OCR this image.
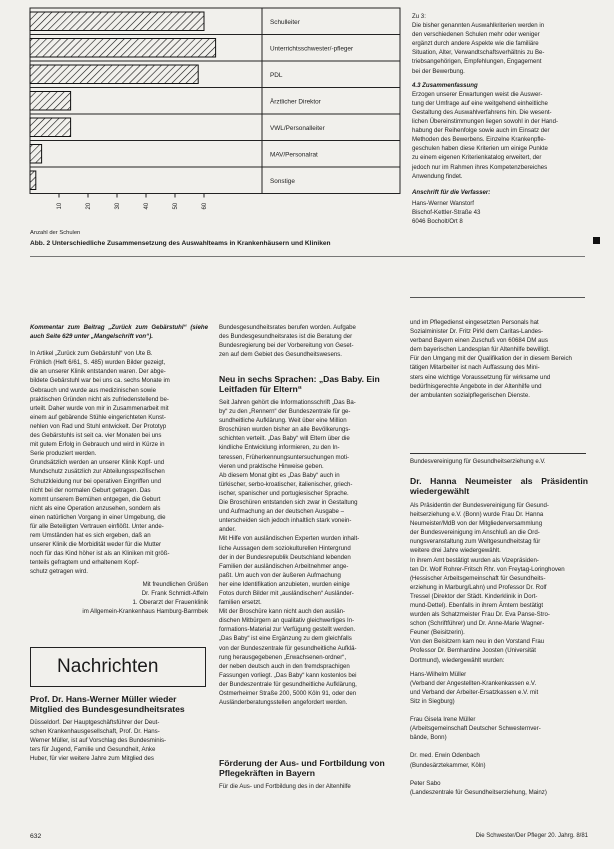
Schulleiter
Unterrichtsschwester/-pfleger
PDL
Ärztlicher Direktor
VWL/Personalleiter
MAV/Personalrat
Sonstige
10	20	30	40	50	60
Anzahl der Schulen
Abb. 2 Unterschiedliche Zusammensetzung des Auswahlteams in Krankenhäusern und Kliniken
Zu 3:
Die bisher genannten Auswahlkriterien werden in
den verschiedenen Schulen mehr oder weniger
ergänzt durch andere Aspekte wie die familiäre
Situation, Alter, Verwandtschaftsverhältnis zu Be-
triebsangehörigen, Empfehlungen, Engagement
bei der Bewerbung.
4.3 Zusammenfassung
Erzogen unserer Erwartungen weist die Auswer-
tung der Umfrage auf eine weitgehend einheitliche
Gestaltung des Auswahlverfahrens hin. Die wesent-
lichen Übereinstimmungen liegen sowohl in der Hand-
habung der Reihenfolge sowie auch im Einsatz der
Methoden des Bewerbens. Einzelne Krankenpfle-
geschulen haben diese Kriterien um einige Punkte
zu einem eigenen Kriterienkatalog erweitert, der
jedoch nur im Rahmen ihres Kompetenzbereiches
Anwendung findet.
Anschrift für die Verfasser:
Hans-Werner Wanstorf
Bischof-Kettler-Straße 43
6046 Bocholt/Ort 8
Kommentar zum Beitrag „Zurück zum Gebärstuhl“ (siehe auch Seite 629 unter „Mangelschrift von“).
In Artikel „Zurück zum Gebärstuhl“ von Ute B.
Fröhlich (Heft 6/61, S. 485) wurden Bilder gezeigt,
die an unserer Klinik entstanden waren. Der abge-
bildete Gebärstuhl war bei uns ca. sechs Monate im
Gebrauch und wurde aus medizinischen sowie
praktischen Gründen nicht als zufriedenstellend be-
urteilt. Daher wurde von mir in Zusammenarbeit mit
einem auf gebärende Stühle eingerichteten Kunst-
nehlen von Rad und Stuhl entwickelt. Der Prototyp
des Gebärstuhls ist seit ca. vier Monaten bei uns
mit gutem Erfolg in Gebrauch und wird in Kürze in
Serie produziert werden.
Grundsätzlich werden an unserer Klinik Kopf- und
Mundschutz zusätzlich zur Abteilungsspezifischen
Schutzkleidung nur bei operativen Eingriffen und
nicht bei der normalen Geburt getragen. Das
kommt unserem Bemühen entgegen, die Geburt
nicht als eine Operation anzusehen, sondern als
einen natürlichen Vorgang in einer Umgebung, die
für alle Beteiligten Vertrauen einflößt. Unter ande-
rem Umständen hat es sich ergeben, daß an
unserer Klinik die Morbidität weder für die Mutter
noch für das Kind höher ist als an Kliniken mit größ-
tenteils gefragtem und erhaltenem Kopf-
schutz getragen wird.
Mit freundlichen Grüßen
Dr. Frank Schmidt-Affeln
1. Oberarzt der Frauenklinik
im Allgemein-Krankenhaus Hamburg-Barmbek
Nachrichten
Prof. Dr. Hans-Werner Müller wieder Mitglied des Bundesgesundheitsrates
Düsseldorf. Der Hauptgeschäftsführer der Deut-
schen Krankenhausgesellschaft, Prof. Dr. Hans-
Werner Müller, ist auf Vorschlag des Bundesminis-
ters für Jugend, Familie und Gesundheit, Anke
Huber, für vier weitere Jahre zum Mitglied des
Bundesgesundheitsrates berufen worden. Aufgabe
des Bundesgesundheitsrates ist die Beratung der
Bundesregierung bei der Vorbereitung von Geset-
zen auf dem Gebiet des Gesundheitswesens.
Neu in sechs Sprachen: „Das Baby. Ein Leitfaden für Eltern“
Seit Jahren gehört die Informationsschrift „Das Ba-
by“ zu den „Rennern“ der Bundeszentrale für ge-
sundheitliche Aufklärung. Weit über eine Million
Broschüren wurden bisher an alle Bevölkerungs-
schichten verteilt. „Das Baby“ will Eltern über die
kindliche Entwicklung informieren, zu den In-
teressen, Früherkennungsuntersuchungen moti-
vieren und praktische Hinweise geben.
Ab diesem Monat gibt es „Das Baby“ auch in
türkischer, serbo-kroatischer, italienischer, griech-
ischer, spanischer und portugiesischer Sprache.
Die Broschüren entstanden sich zwar in Gestaltung
und Aufmachung an der deutschen Ausgabe –
unterscheiden sich jedoch inhaltlich stark vonein-
ander.
Mit Hilfe von ausländischen Experten wurden inhalt-
liche Aussagen dem soziokulturellen Hintergrund
der in der Bundesrepublik Deutschland lebenden
Familien der ausländischen Arbeitnehmer ange-
paßt. Um auch von der äußeren Aufmachung
her eine Identifikation anzubieten, wurden einige
Fotos durch Bilder mit „ausländischen“ Ausländer-
familien ersetzt.
Mit der Broschüre kann nicht auch den auslän-
dischen Mitbürgern an qualitativ gleichwertiges In-
formations-Material zur Verfügung gestellt werden.
„Das Baby“ ist eine Ergänzung zu dem gleichfalls
von der Bundeszentrale für gesundheitliche Aufklä-
rung herausgegebenen „Erwachsenen-ordner“,
der neben deutsch auch in den fremdsprachigen
Fassungen vorliegt. „Das Baby“ kann kostenlos bei
der Bundeszentrale für gesundheitliche Aufklärung,
Ostmerheimer Straße 200, 5000 Köln 91, oder den
Ausländerberatungsstellen angefordert werden.
Förderung der Aus- und Fortbildung von Pflegekräften in Bayern
Für die Aus- und Fortbildung des in der Altenhilfe
und im Pflegedienst eingesetzten Personals hat
Sozialminister Dr. Fritz Pirkl dem Caritas-Landes-
verband Bayern einen Zuschuß von 60684 DM aus
dem bayerischen Landesplan für Altenhilfe bewilligt.
Für den Umgang mit der Qualifikation der in diesem Bereich
tätigen Mitarbeiter ist nach Auffassung des Mini-
sters eine wichtige Voraussetzung für wirksame und
bedürfnisgerechte Angebote in der Altenhilfe und
der ambulanten sozialpflegerischen Dienste.
Bundesvereinigung für Gesundheitserziehung e.V.
Dr. Hanna Neumeister als Präsidentin wiedergewählt
Als Präsidentin der Bundesvereinigung für Gesund-
heitserziehung e.V. (Bonn) wurde Frau Dr. Hanna
Neumeister/MdB von der Mitgliederversammlung
der Bundesvereinigung im Anschluß an die Ord-
nungsveranstaltung zum Weltgesundheitstag für
weitere drei Jahre wiedergewählt.
In ihrem Amt bestätigt wurden als Vizepräsiden-
ten Dr. Wolf Rohrer-Fritsch Rhr. von Freytag-Loringhoven
(Hessischer Arbeitsgemeinschaft für Gesundheits-
erziehung in Marburg/Lahn) und Professor Dr. Rolf
Tressel (Direktor der Städt. Kinderklinik in Dort-
mund-Dettel). Ebenfalls in ihrem Ämtern bestätigt
wurden als Schatzmeister Frau Dr. Eva Panse-Stro-
schon (Schriftführer) und Dr. Anne-Marie Wagner-
Feuner (Beisitzerin).
Von den Beisitzern kam neu in den Vorstand Frau
Professor Dr. Bernhardine Joosten (Universität
Dortmund), wiedergewählt wurden:
Hans-Wilhelm Müller
(Verband der Angestellten-Krankenkassen e.V.
und Verband der Arbeiter-Ersatzkassen e.V. mit
Sitz in Siegburg)

Frau Gisela Irene Müller
(Arbeitsgemeinschaft Deutscher Schwesternver-
bände, Bonn)

Dr. med. Erwin Odenbach
(Bundesärztekammer, Köln)

Peter Sabo
(Landeszentrale für Gesundheitserziehung, Mainz)
632	Die Schwester/Der Pfleger 20. Jahrg. 8/81
